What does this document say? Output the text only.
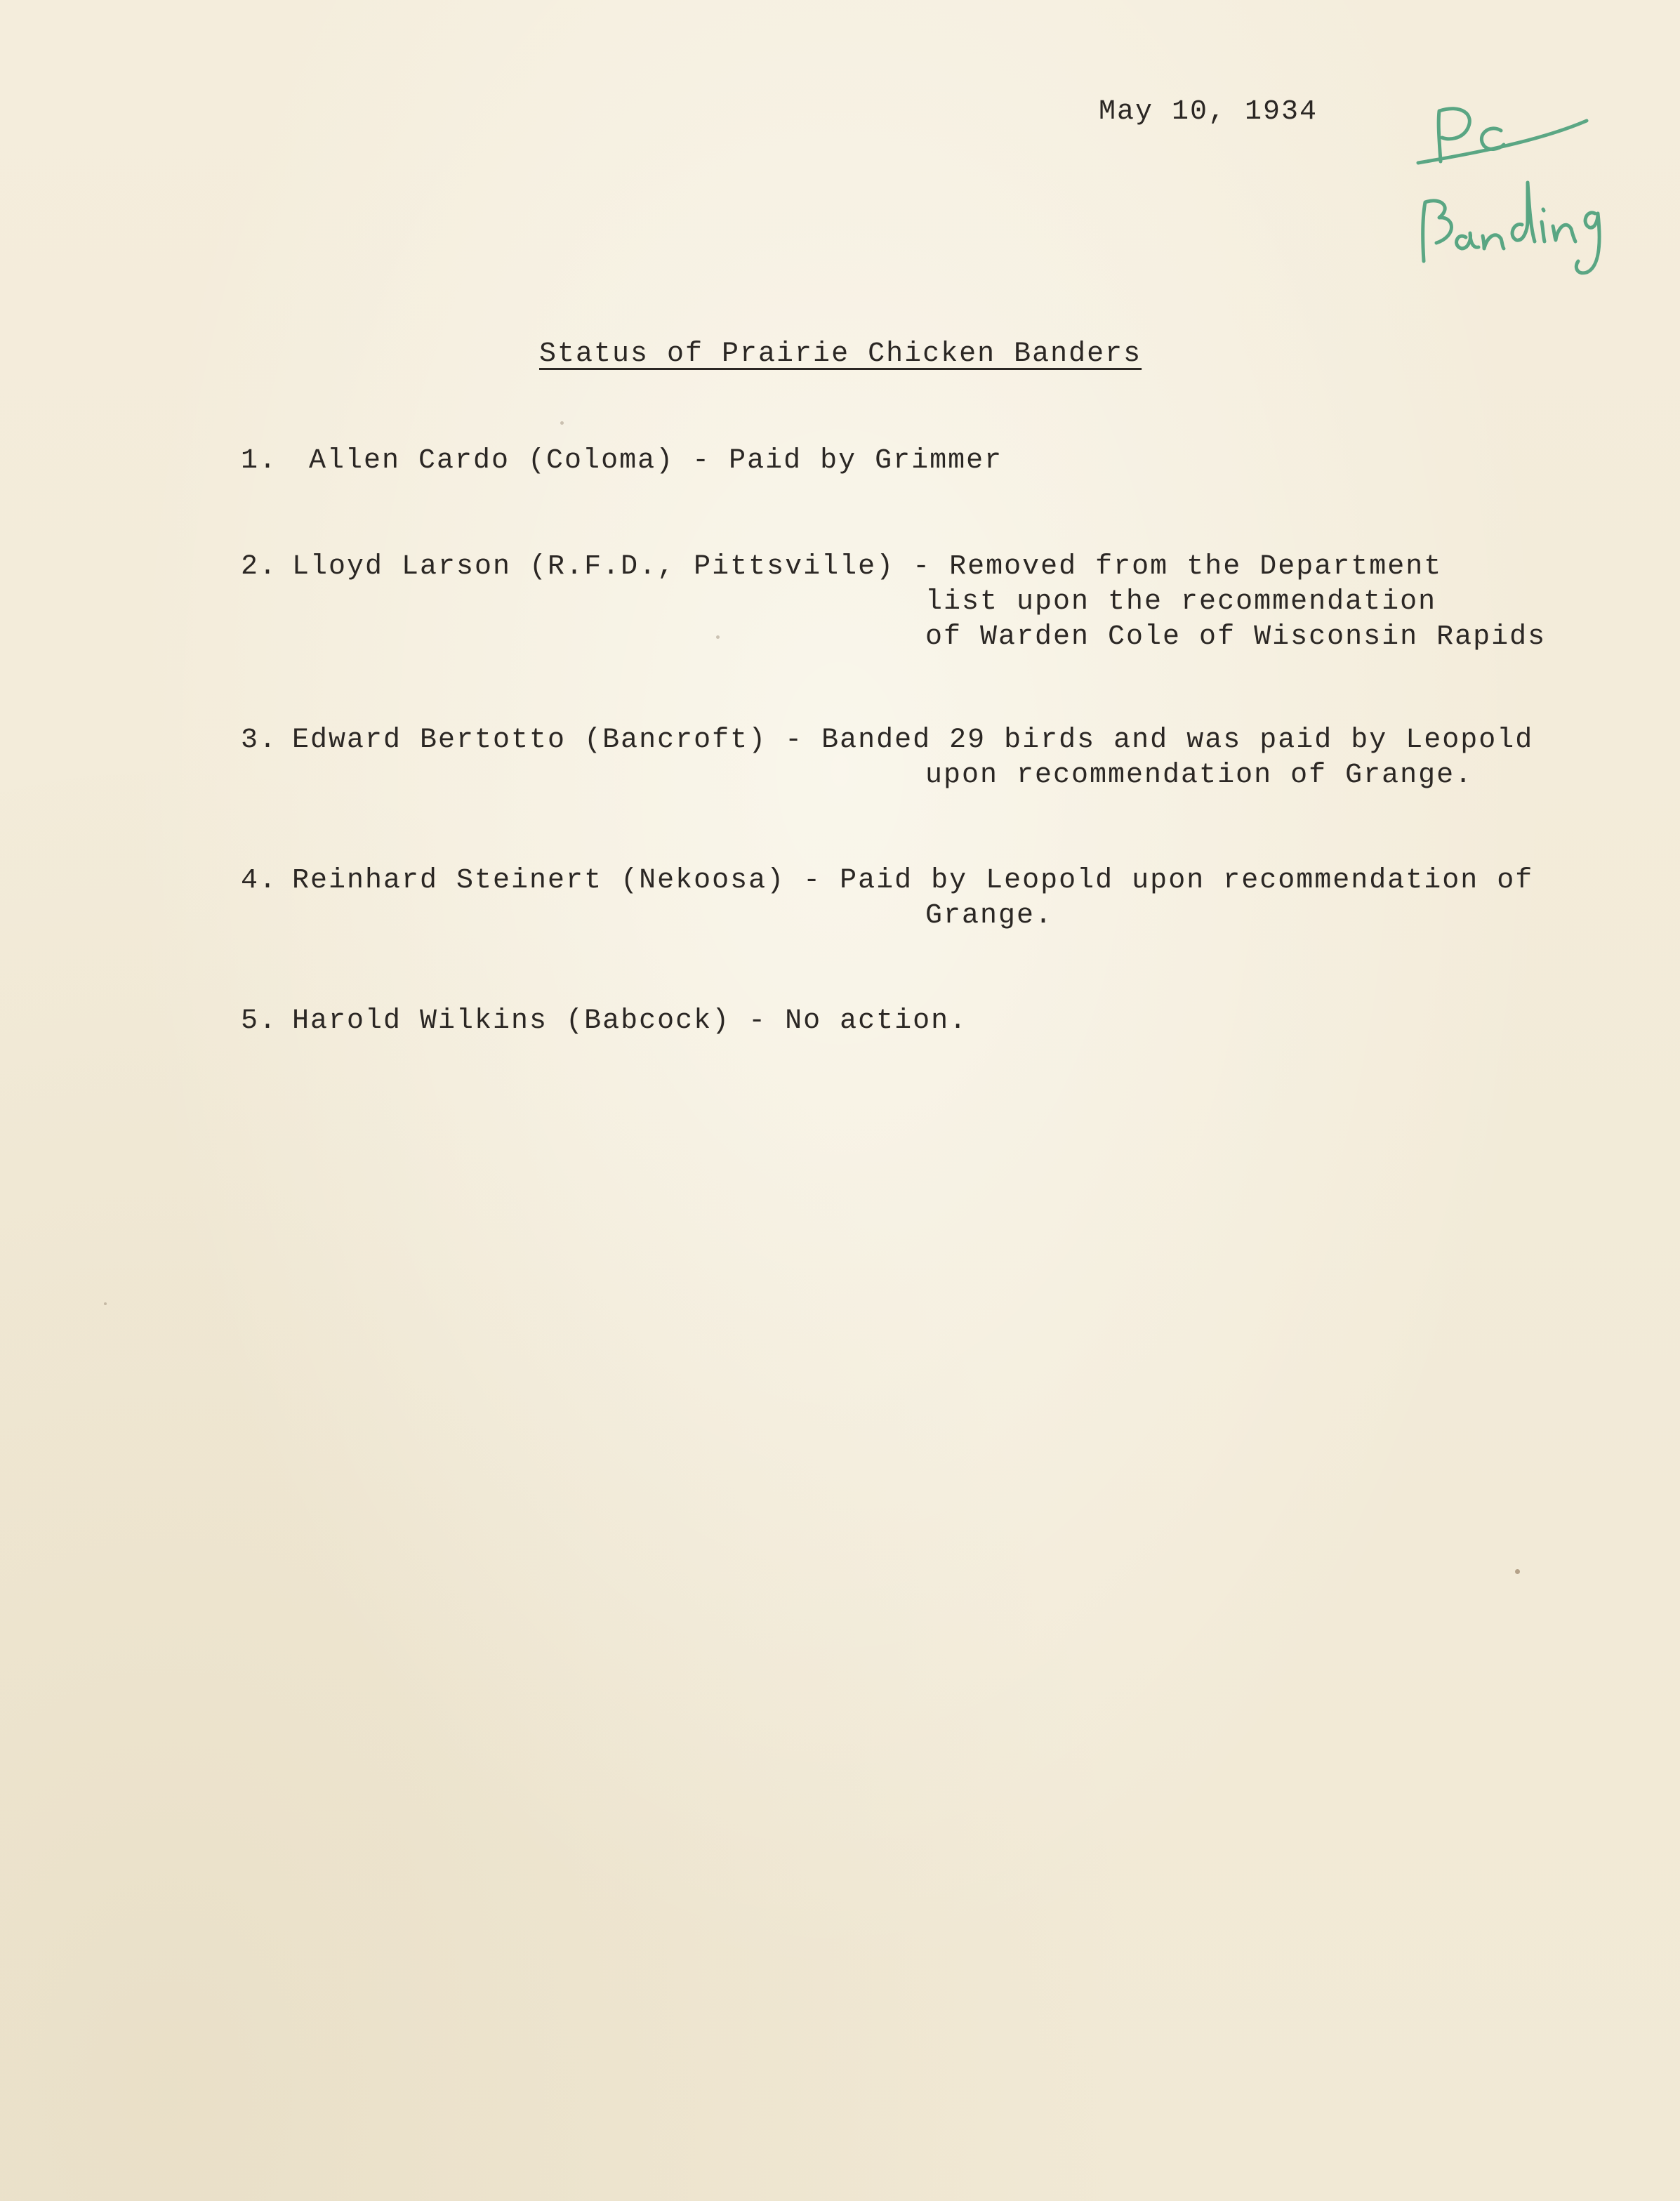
May 10, 1934
Status of Prairie Chicken Banders
1. Allen Cardo (Coloma) - Paid by Grimmer
2. Lloyd Larson (R.F.D., Pittsville) - Removed from the Department
list upon the recommendation
of Warden Cole of Wisconsin Rapids
3. Edward Bertotto (Bancroft) - Banded 29 birds and was paid by Leopold
upon recommendation of Grange.
4. Reinhard Steinert (Nekoosa) - Paid by Leopold upon recommendation of
Grange.
5. Harold Wilkins (Babcock) - No action.
